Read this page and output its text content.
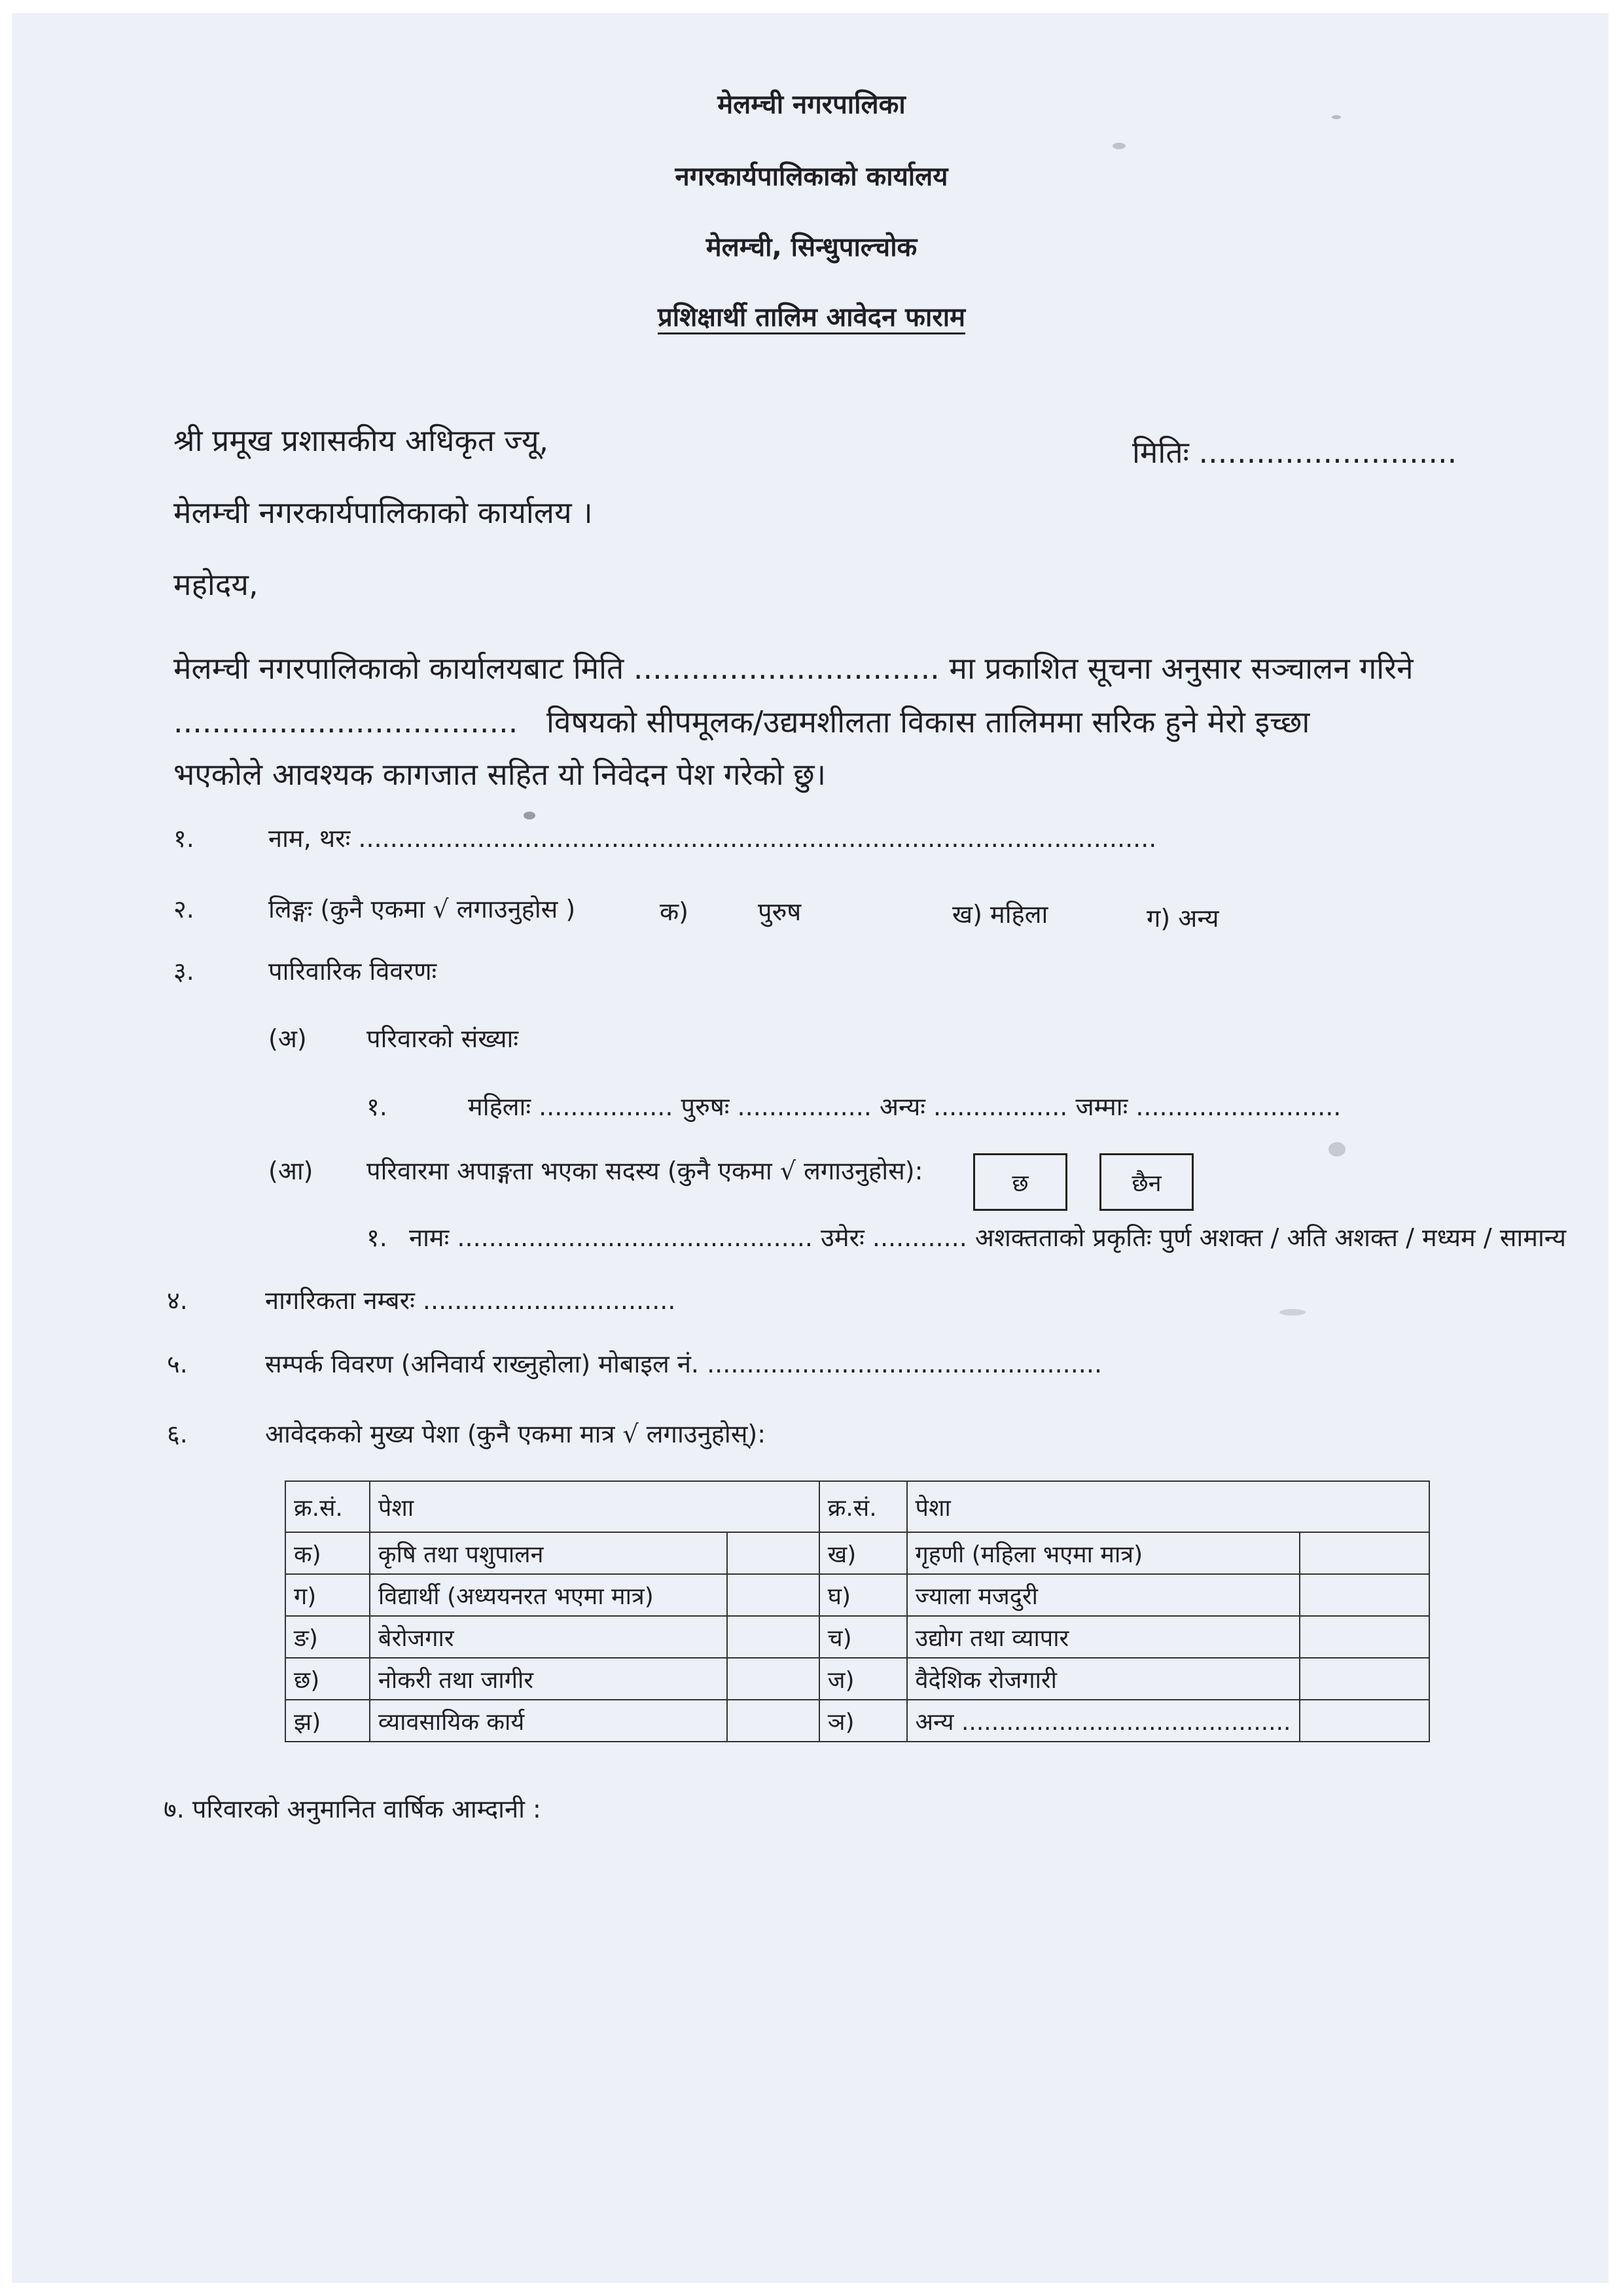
मेलम्ची नगरपालिका
नगरकार्यपालिकाको कार्यालय
मेलम्ची, सिन्धुपाल्चोक
प्रशिक्षार्थी तालिम आवेदन फाराम
श्री प्रमूख प्रशासकीय अधिकृत ज्यू,	मितिः ...........................
मेलम्ची नगरकार्यपालिकाको कार्यालय ।
महोदय,
मेलम्ची नगरपालिकाको कार्यालयबाट मिति ................................ मा प्रकाशित सूचना अनुसार सञ्चालन गरिने
.................................... विषयको सीपमूलक/उद्यमशीलता विकास तालिममा सरिक हुने मेरो इच्छा
भएकोले आवश्यक कागजात सहित यो निवेदन पेश गरेको छु।
१.	नाम, थरः .....................................................................................................
२.	लिङ्गः (कुनै एकमा √ लगाउनुहोस )	क)	पुरुष	ख) महिला	ग) अन्य
३.	पारिवारिक विवरणः
(अ) परिवारको संख्याः
१.	महिलाः ................. पुरुषः ................. अन्यः ................. जम्माः ..........................
(आ) परिवारमा अपाङ्गता भएका सदस्य (कुनै एकमा √ लगाउनुहोस):	छ	छैन
१. नामः ............................................. उमेरः ............ अशक्तताको प्रकृतिः पुर्ण अशक्त / अति अशक्त / मध्यम / सामान्य
४.	नागरिकता नम्बरः ................................
५.	सम्पर्क विवरण (अनिवार्य राख्नुहोला) मोबाइल नं. ..................................................
६.	आवेदकको मुख्य पेशा (कुनै एकमा मात्र √ लगाउनुहोस्):
क्र.सं.	पेशा		क्र.सं.	पेशा	
क)	कृषि तथा पशुपालन		ख)	गृहणी (महिला भएमा मात्र)	
ग)	विद्यार्थी (अध्ययनरत भएमा मात्र)		घ)	ज्याला मजदुरी	
ङ)	बेरोजगार		च)	उद्योग तथा व्यापार	
छ)	नोकरी तथा जागीर		ज)	वैदेशिक रोजगारी	
झ)	व्यावसायिक कार्य		ञ)	अन्य ............................................	
७. परिवारको अनुमानित वार्षिक आम्दानी :
